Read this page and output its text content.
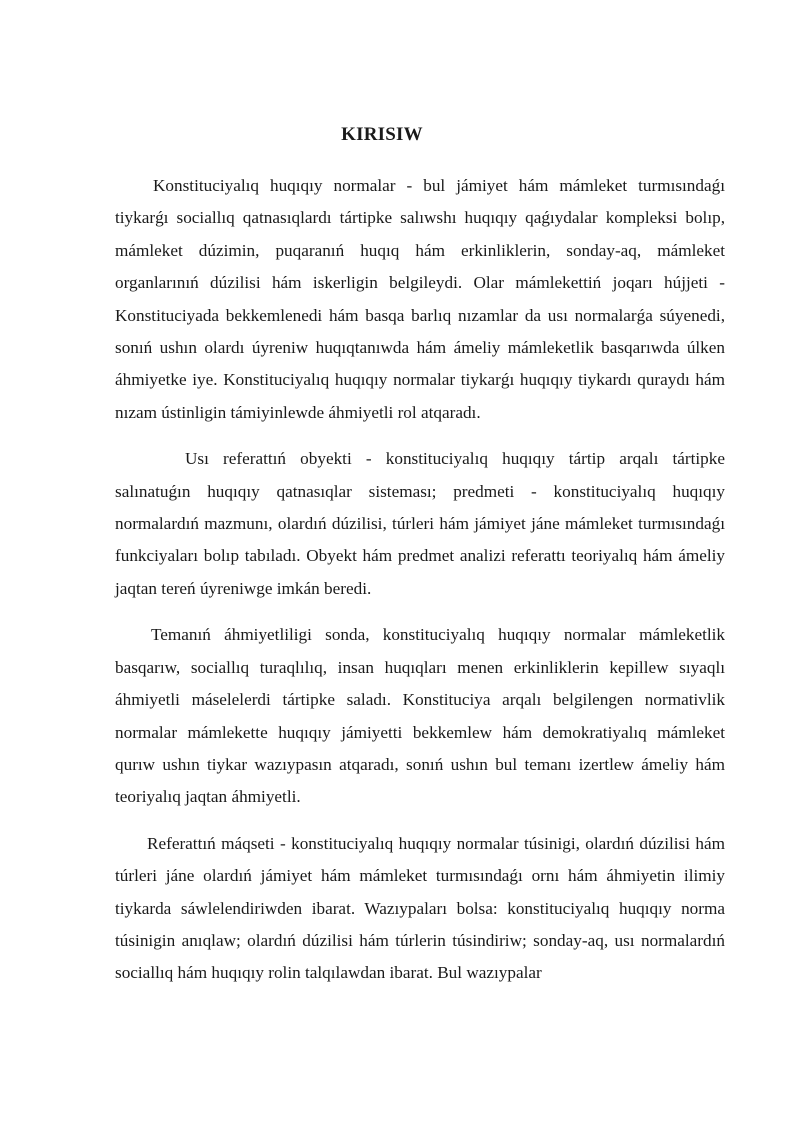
KIRISIW

Konstituciyalıq huqıqıy normalar - bul jámiyet hám mámleket turmısındaǵı tiykarǵı sociallıq qatnasıqlardı tártipke salıwshı huqıqıy qaǵıydalar kompleksi bolıp, mámleket dúzimin, puqaranıń huqıq hám erkinliklerin, sonday-aq, mámleket organlarınıń dúzilisi hám iskerligin belgileydi. Olar mámlekettiń joqarı hújjeti - Konstituciyada bekkemlenedi hám basqa barlıq nızamlar da usı normalarǵa súyenedi, sonıń ushın olardı úyreniw huqıqtanıwda hám ámeliy mámleketlik basqarıwda úlken áhmiyetke iye. Konstituciyalıq huqıqıy normalar tiykarǵı huqıqıy tiykardı quraydı hám nızam ústinligin támiyinlewde áhmiyetli rol atqaradı.

Usı referattıń obyekti - konstituciyalıq huqıqıy tártip arqalı tártipke salınatuǵın huqıqıy qatnasıqlar sisteması; predmeti - konstituciyalıq huqıqıy normalardıń mazmunı, olardıń dúzilisi, túrleri hám jámiyet jáne mámleket turmısındaǵı funkciyaları bolıp tabıladı. Obyekt hám predmet analizi referattı teoriyalıq hám ámeliy jaqtan tereń úyreniwge imkán beredi.

Temanıń áhmiyetliligi sonda, konstituciyalıq huqıqıy normalar mámleketlik basqarıw, sociallıq turaqlılıq, insan huqıqları menen erkinliklerin kepillew sıyaqlı áhmiyetli máselelerdi tártipke saladı. Konstituciya arqalı belgilengen normativlik normalar mámlekette huqıqıy jámiyetti bekkemlew hám demokratiyalıq mámleket qurıw ushın tiykar wazıypasın atqaradı, sonıń ushın bul temanı izertlew ámeliy hám teoriyalıq jaqtan áhmiyetli.

Referattıń máqseti - konstituciyalıq huqıqıy normalar túsinigi, olardıń dúzilisi hám túrleri jáne olardıń jámiyet hám mámleket turmısındaǵı ornı hám áhmiyetin ilimiy tiykarda sáwlelendiriwden ibarat. Wazıypaları bolsa: konstituciyalıq huqıqıy norma túsinigin anıqlaw; olardıń dúzilisi hám túrlerin túsindiriw; sonday-aq, usı normalardıń sociallıq hám huqıqıy rolin talqılawdan ibarat. Bul wazıypalar
